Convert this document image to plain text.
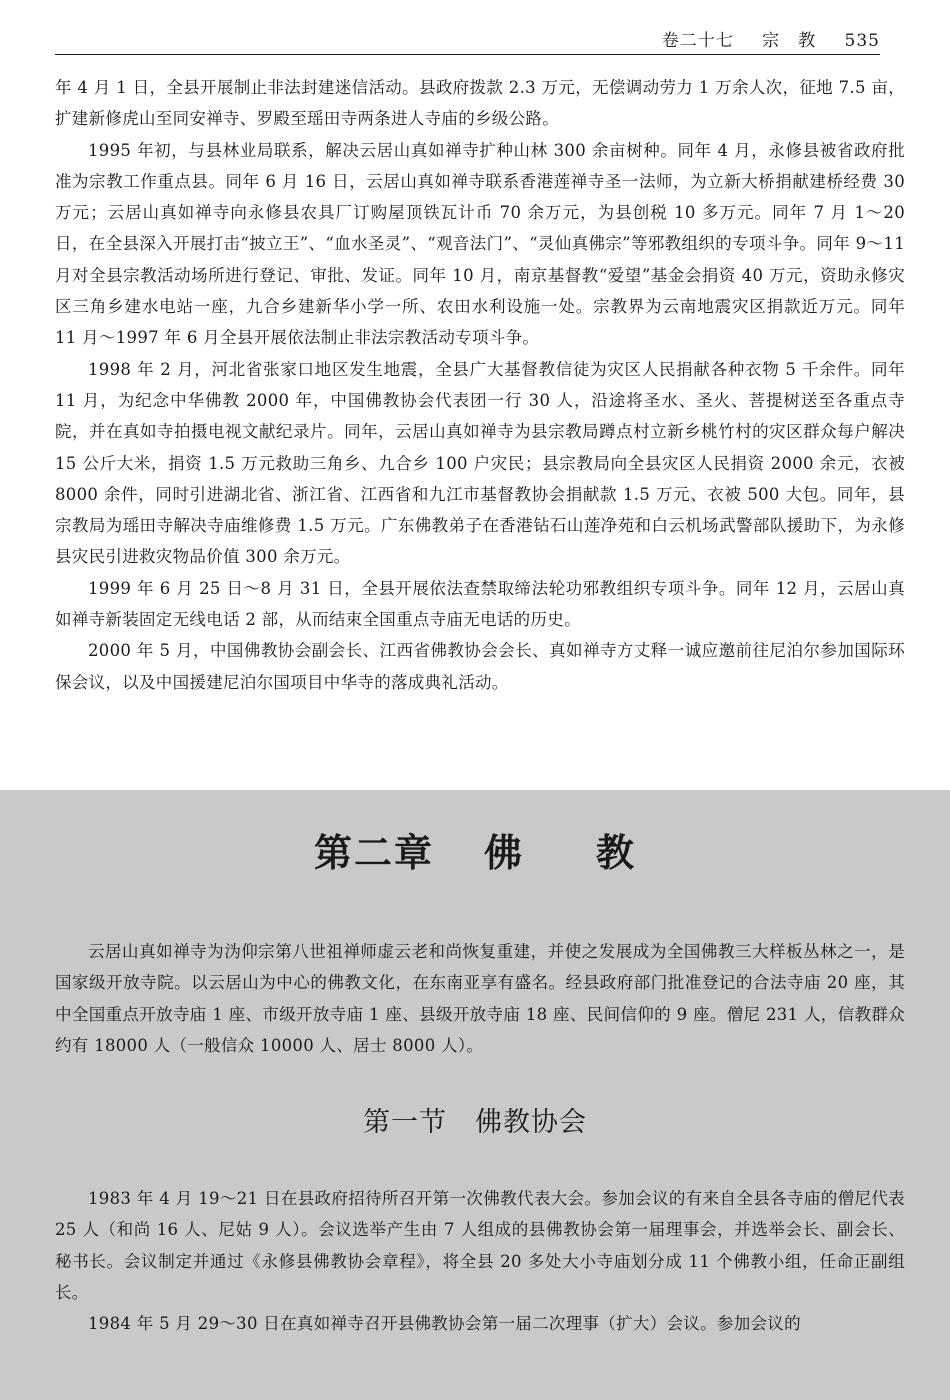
卷二十七 宗　教 535

年 4 月 1 日，全县开展制止非法封建迷信活动。县政府拨款 2.3 万元，无偿调动劳力 1 万余人次，征地 7.5 亩，扩建新修虎山至同安禅寺、罗殿至瑶田寺两条进人寺庙的乡级公路。

1995 年初，与县林业局联系，解决云居山真如禅寺扩种山林 300 余亩树种。同年 4 月，永修县被省政府批准为宗教工作重点县。同年 6 月 16 日，云居山真如禅寺联系香港莲禅寺圣一法师，为立新大桥捐献建桥经费 30 万元；云居山真如禅寺向永修县农具厂订购屋顶铁瓦计币 70 余万元，为县创税 10 多万元。同年 7 月 1～20 日，在全县深入开展打击“披立王”、“血水圣灵”、“观音法门”、“灵仙真佛宗”等邪教组织的专项斗争。同年 9～11 月对全县宗教活动场所进行登记、审批、发证。同年 10 月，南京基督教“爱望”基金会捐资 40 万元，资助永修灾区三角乡建水电站一座，九合乡建新华小学一所、农田水利设施一处。宗教界为云南地震灾区捐款近万元。同年 11 月～1997 年 6 月全县开展依法制止非法宗教活动专项斗争。

1998 年 2 月，河北省张家口地区发生地震，全县广大基督教信徒为灾区人民捐献各种衣物 5 千余件。同年 11 月，为纪念中华佛教 2000 年，中国佛教协会代表团一行 30 人，沿途将圣水、圣火、菩提树送至各重点寺院，并在真如寺拍摄电视文献纪录片。同年，云居山真如禅寺为县宗教局蹲点村立新乡桃竹村的灾区群众每户解决 15 公斤大米，捐资 1.5 万元救助三角乡、九合乡 100 户灾民；县宗教局向全县灾区人民捐资 2000 余元，衣被 8000 余件，同时引进湖北省、浙江省、江西省和九江市基督教协会捐献款 1.5 万元、衣被 500 大包。同年，县宗教局为瑶田寺解决寺庙维修费 1.5 万元。广东佛教弟子在香港钻石山莲净苑和白云机场武警部队援助下，为永修县灾民引进救灾物品价值 300 余万元。

1999 年 6 月 25 日～8 月 31 日，全县开展依法查禁取缔法轮功邪教组织专项斗争。同年 12 月，云居山真如禅寺新装固定无线电话 2 部，从而结束全国重点寺庙无电话的历史。

2000 年 5 月，中国佛教协会副会长、江西省佛教协会会长、真如禅寺方丈释一诚应邀前往尼泊尔参加国际环保会议，以及中国援建尼泊尔国项目中华寺的落成典礼活动。

第二章 佛 教

云居山真如禅寺为沩仰宗第八世祖禅师虚云老和尚恢复重建，并使之发展成为全国佛教三大样板丛林之一，是国家级开放寺院。以云居山为中心的佛教文化，在东南亚享有盛名。经县政府部门批准登记的合法寺庙 20 座，其中全国重点开放寺庙 1 座、市级开放寺庙 1 座、县级开放寺庙 18 座、民间信仰的 9 座。僧尼 231 人，信教群众约有 18000 人（一般信众 10000 人、居士 8000 人）。

第一节 佛教协会

1983 年 4 月 19～21 日在县政府招待所召开第一次佛教代表大会。参加会议的有来自全县各寺庙的僧尼代表 25 人（和尚 16 人、尼姑 9 人）。会议选举产生由 7 人组成的县佛教协会第一届理事会，并选举会长、副会长、秘书长。会议制定并通过《永修县佛教协会章程》，将全县 20 多处大小寺庙划分成 11 个佛教小组，任命正副组长。

1984 年 5 月 29～30 日在真如禅寺召开县佛教协会第一届二次理事（扩大）会议。参加会议的
